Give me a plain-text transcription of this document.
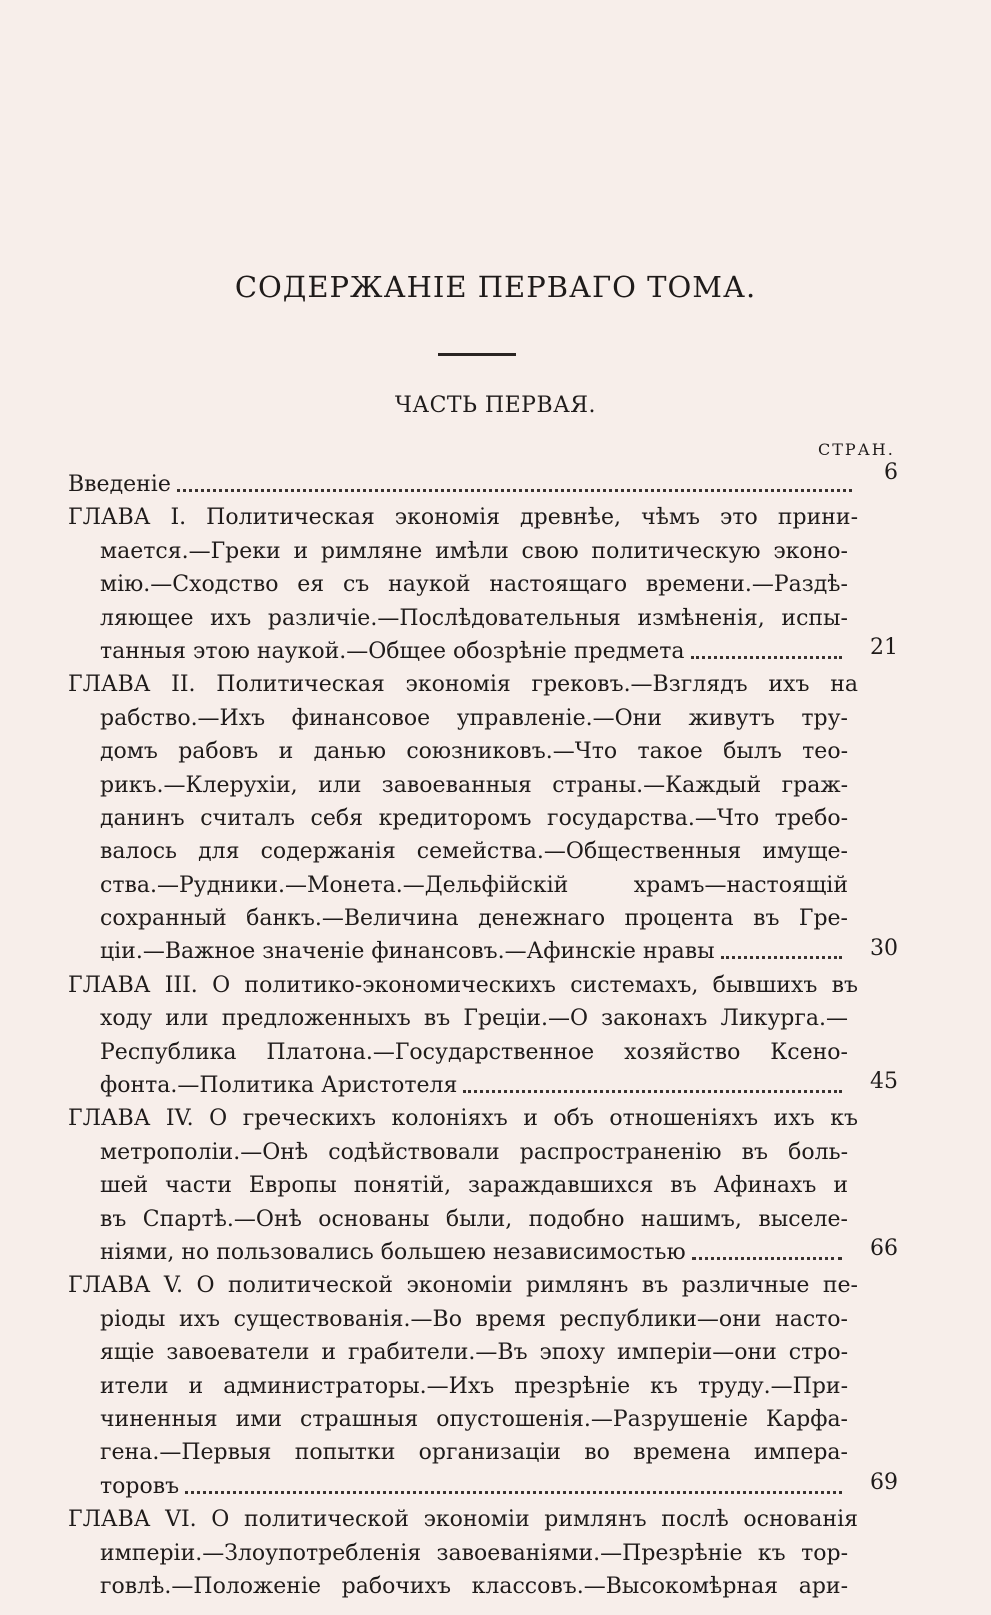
СОДЕРЖАНІЕ ПЕРВАГО ТОМА.
ЧАСТЬ ПЕРВАЯ.
СТРАН.
Введеніе	6
ГЛАВА I. Политическая экономія древнѣе, чѣмъ это прини-
мается.—Греки и римляне имѣли свою политическую эконо-
мію.—Сходство ея съ наукой настоящаго времени.—Раздѣ-
ляющее ихъ различіе.—Послѣдовательныя измѣненія, испы-
танныя этою наукой.—Общее обозрѣніе предмета	21
ГЛАВА II. Политическая экономія грековъ.—Взглядъ ихъ на
рабство.—Ихъ финансовое управленіе.—Они живутъ тру-
домъ рабовъ и данью союзниковъ.—Что такое былъ тео-
рикъ.—Клерухіи, или завоеванныя страны.—Каждый граж-
данинъ считалъ себя кредиторомъ государства.—Что требо-
валось для содержанія семейства.—Общественныя имуще-
ства.—Рудники.—Монета.—Дельфійскій храмъ—настоящій
сохранный банкъ.—Величина денежнаго процента въ Гре-
ціи.—Важное значеніе финансовъ.—Афинскіе нравы	30
ГЛАВА III. О политико-экономическихъ системахъ, бывшихъ въ
ходу или предложенныхъ въ Греціи.—О законахъ Ликурга.—
Республика Платона.—Государственное хозяйство Ксено-
фонта.—Политика Аристотеля	45
ГЛАВА IV. О греческихъ колоніяхъ и объ отношеніяхъ ихъ къ
метрополіи.—Онѣ содѣйствовали распространенію въ боль-
шей части Европы понятій, зараждавшихся въ Афинахъ и
въ Спартѣ.—Онѣ основаны были, подобно нашимъ, выселе-
ніями, но пользовались большею независимостью	66
ГЛАВА V. О политической экономіи римлянъ въ различные пе-
ріоды ихъ существованія.—Во время республики—они насто-
ящіе завоеватели и грабители.—Въ эпоху имперіи—они стро-
ители и администраторы.—Ихъ презрѣніе къ труду.—При-
чиненныя ими страшныя опустошенія.—Разрушеніе Карфа-
гена.—Первыя попытки организаціи во времена импера-
торовъ	69
ГЛАВА VI. О политической экономіи римлянъ послѣ основанія
имперіи.—Злоупотребленія завоеваніями.—Презрѣніе къ тор-
говлѣ.—Положеніе рабочихъ классовъ.—Высокомѣрная ари-
